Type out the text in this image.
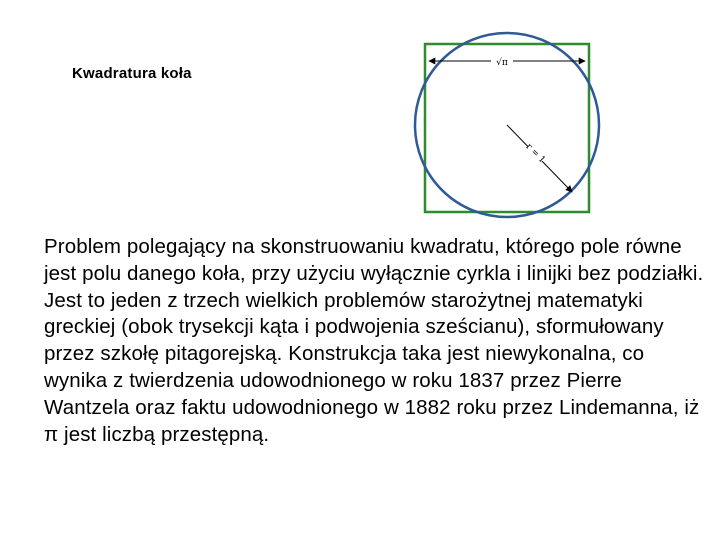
Kwadratura koła
√π
r = 1

Problem polegający na skonstruowaniu kwadratu, którego pole równe jest polu danego koła, przy użyciu wyłącznie cyrkla i linijki bez podziałki.

Jest to jeden z trzech wielkich problemów starożytnej matematyki greckiej (obok trysekcji kąta i podwojenia sześcianu), sformułowany przez szkołę pitagorejską. Konstrukcja taka jest niewykonalna, co wynika z twierdzenia udowodnionego w roku 1837 przez Pierre Wantzela oraz faktu udowodnionego w 1882 roku przez Lindemanna, iż π jest liczbą przestępną.
